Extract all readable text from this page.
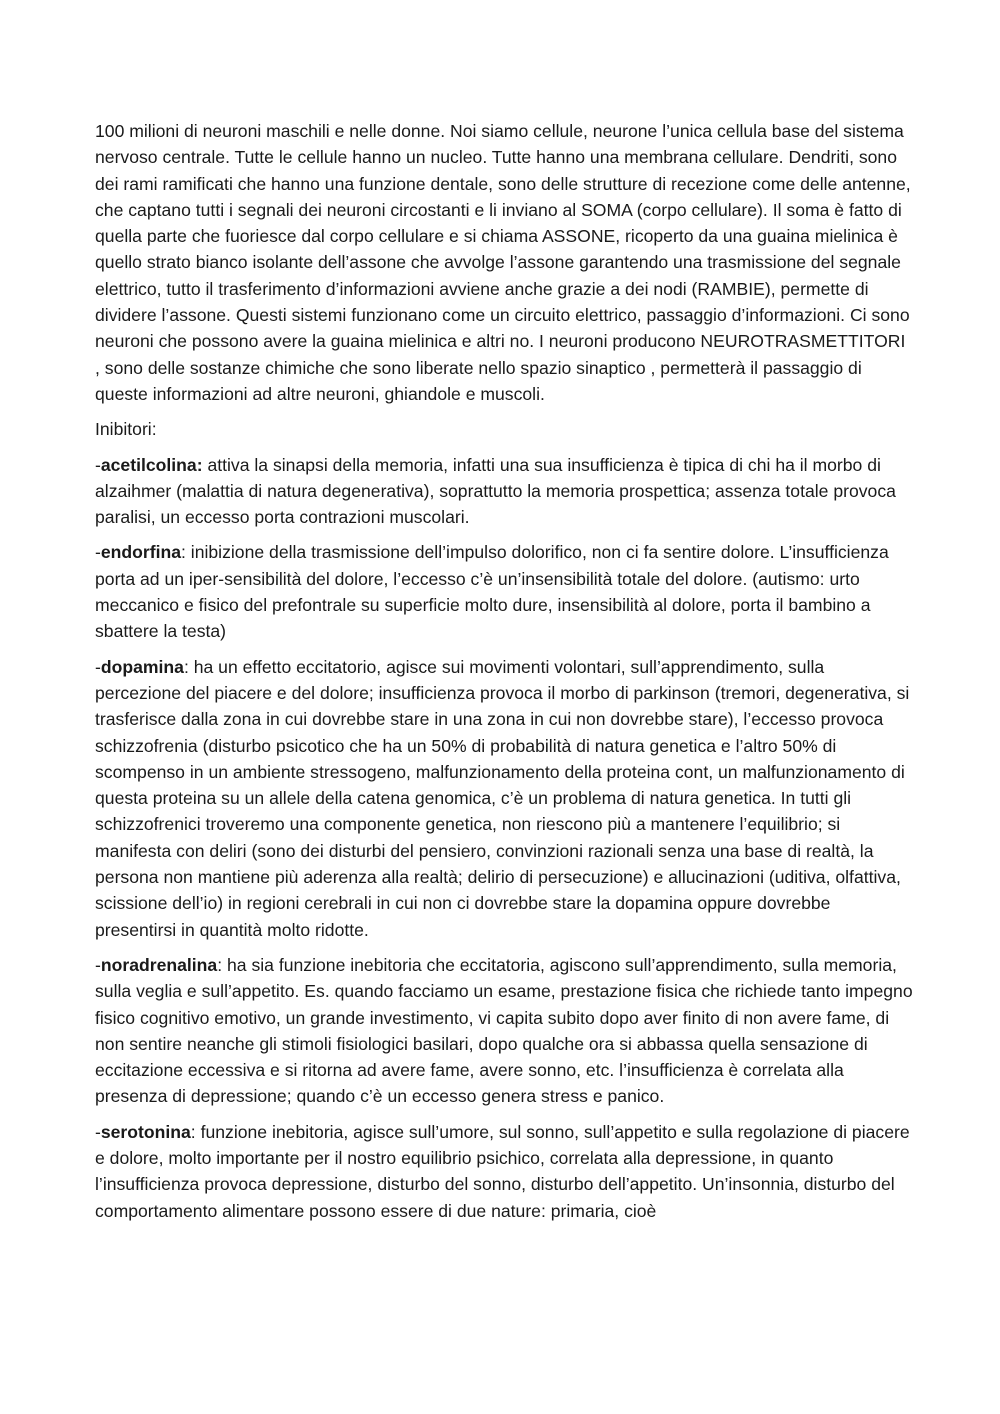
100 milioni di neuroni maschili e nelle donne. Noi siamo cellule, neurone l’unica cellula base del sistema nervoso centrale. Tutte le cellule hanno un nucleo. Tutte hanno una membrana cellulare. Dendriti, sono dei rami ramificati che hanno una funzione dentale, sono delle strutture di recezione come delle antenne, che captano tutti i segnali dei neuroni circostanti e li inviano al SOMA (corpo cellulare). Il soma è fatto di quella parte che fuoriesce dal corpo cellulare e si chiama ASSONE, ricoperto da una guaina mielinica è quello strato bianco isolante dell’assone che avvolge l’assone garantendo una trasmissione del segnale elettrico, tutto il trasferimento d’informazioni avviene anche grazie a dei nodi (RAMBIE), permette di dividere l’assone. Questi sistemi funzionano come un circuito elettrico, passaggio d’informazioni. Ci sono neuroni che possono avere la guaina mielinica e altri no. I neuroni producono NEUROTRASMETTITORI , sono delle sostanze chimiche che sono liberate nello spazio sinaptico , permetterà il passaggio di queste informazioni ad altre neuroni, ghiandole e muscoli.

Inibitori:

-acetilcolina: attiva la sinapsi della memoria, infatti una sua insufficienza è tipica di chi ha il morbo di alzaihmer (malattia di natura degenerativa), soprattutto la memoria prospettica; assenza totale provoca paralisi, un eccesso porta contrazioni muscolari.

-endorfina: inibizione della trasmissione dell’impulso dolorifico, non ci fa sentire dolore. L’insufficienza porta ad un iper-sensibilità del dolore, l’eccesso c’è un’insensibilità totale del dolore. (autismo: urto meccanico e fisico del prefontrale su superficie molto dure, insensibilità al dolore, porta il bambino a sbattere la testa)

-dopamina: ha un effetto eccitatorio, agisce sui movimenti volontari, sull’apprendimento, sulla percezione del piacere e del dolore; insufficienza provoca il morbo di parkinson (tremori, degenerativa, si trasferisce dalla zona in cui dovrebbe stare in una zona in cui non dovrebbe stare), l’eccesso provoca schizzofrenia (disturbo psicotico che ha un 50% di probabilità di natura genetica e l’altro 50% di scompenso in un ambiente stressogeno, malfunzionamento della proteina cont, un malfunzionamento di questa proteina su un allele della catena genomica, c’è un problema di natura genetica. In tutti gli schizzofrenici troveremo una componente genetica, non riescono più a mantenere l’equilibrio; si manifesta con deliri (sono dei disturbi del pensiero, convinzioni razionali senza una base di realtà, la persona non mantiene più aderenza alla realtà; delirio di persecuzione) e allucinazioni (uditiva, olfattiva, scissione dell’io) in regioni cerebrali in cui non ci dovrebbe stare la dopamina oppure dovrebbe presentirsi in quantità molto ridotte.

-noradrenalina: ha sia funzione inebitoria che eccitatoria, agiscono sull’apprendimento, sulla memoria, sulla veglia e sull’appetito. Es. quando facciamo un esame, prestazione fisica che richiede tanto impegno fisico cognitivo emotivo, un grande investimento, vi capita subito dopo aver finito di non avere fame, di non sentire neanche gli stimoli fisiologici basilari, dopo qualche ora si abbassa quella sensazione di eccitazione eccessiva e si ritorna ad avere fame, avere sonno, etc. l’insufficienza è correlata alla presenza di depressione; quando c’è un eccesso genera stress e panico.

-serotonina: funzione inebitoria, agisce sull’umore, sul sonno, sull’appetito e sulla regolazione di piacere e dolore, molto importante per il nostro equilibrio psichico, correlata alla depressione, in quanto l’insufficienza provoca depressione, disturbo del sonno, disturbo dell’appetito. Un’insonnia, disturbo del comportamento alimentare possono essere di due nature: primaria, cioè
